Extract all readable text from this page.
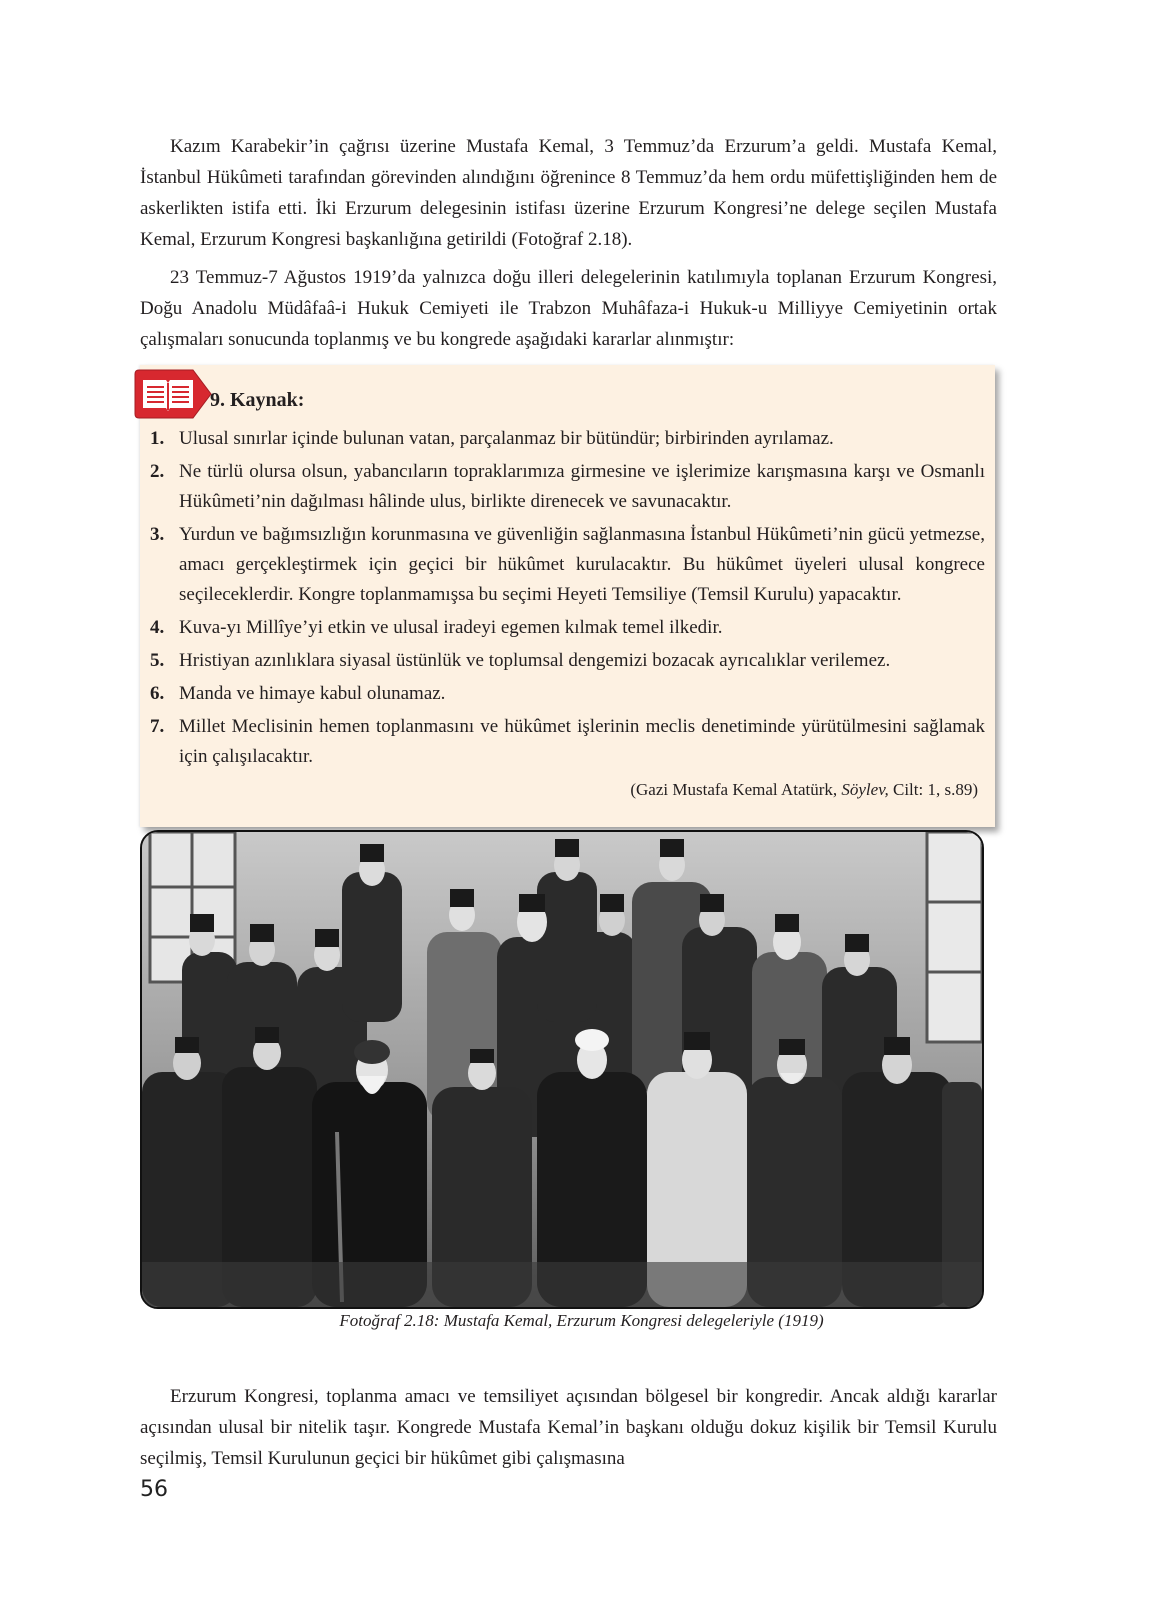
Kazım Karabekir’in çağrısı üzerine Mustafa Kemal, 3 Temmuz’da Erzurum’a geldi. Mustafa Kemal, İstanbul Hükûmeti tarafından görevinden alındığını öğrenince 8 Temmuz’da hem ordu müfettişliğinden hem de askerlikten istifa etti. İki Erzurum delegesinin istifası üzerine Erzurum Kongresi’ne delege seçilen Mustafa Kemal, Erzurum Kongresi başkanlığına getirildi (Fotoğraf 2.18).

23 Temmuz-7 Ağustos 1919’da yalnızca doğu illeri delegelerinin katılımıyla toplanan Erzurum Kongresi, Doğu Anadolu Müdâfaâ-i Hukuk Cemiyeti ile Trabzon Muhâfaza-i Hukuk-u Milliyye Cemiyetinin ortak çalışmaları sonucunda toplanmış ve bu kongrede aşağıdaki kararlar alınmıştır:

9. Kaynak:

1. Ulusal sınırlar içinde bulunan vatan, parçalanmaz bir bütündür; birbirinden ayrılamaz.
2. Ne türlü olursa olsun, yabancıların topraklarımıza girmesine ve işlerimize karışmasına karşı ve Osmanlı Hükûmeti’nin dağılması hâlinde ulus, birlikte direnecek ve savunacaktır.
3. Yurdun ve bağımsızlığın korunmasına ve güvenliğin sağlanmasına İstanbul Hükûmeti’nin gücü yetmezse, amacı gerçekleştirmek için geçici bir hükûmet kurulacaktır. Bu hükûmet üyeleri ulusal kongrece seçileceklerdir. Kongre toplanmamışsa bu seçimi Heyeti Temsiliye (Temsil Kurulu) yapacaktır.
4. Kuva-yı Millîye’yi etkin ve ulusal iradeyi egemen kılmak temel ilkedir.
5. Hristiyan azınlıklara siyasal üstünlük ve toplumsal dengemizi bozacak ayrıcalıklar verilemez.
6. Manda ve himaye kabul olunamaz.
7. Millet Meclisinin hemen toplanmasını ve hükûmet işlerinin meclis denetiminde yürütülmesini sağlamak için çalışılacaktır.

(Gazi Mustafa Kemal Atatürk, Söylev, Cilt: 1, s.89)

Fotoğraf 2.18: Mustafa Kemal, Erzurum Kongresi delegeleriyle (1919)

Erzurum Kongresi, toplanma amacı ve temsiliyet açısından bölgesel bir kongredir. Ancak aldığı kararlar açısından ulusal bir nitelik taşır. Kongrede Mustafa Kemal’in başkanı olduğu dokuz kişilik bir Temsil Kurulu seçilmiş, Temsil Kurulunun geçici bir hükûmet gibi çalışmasına

56
